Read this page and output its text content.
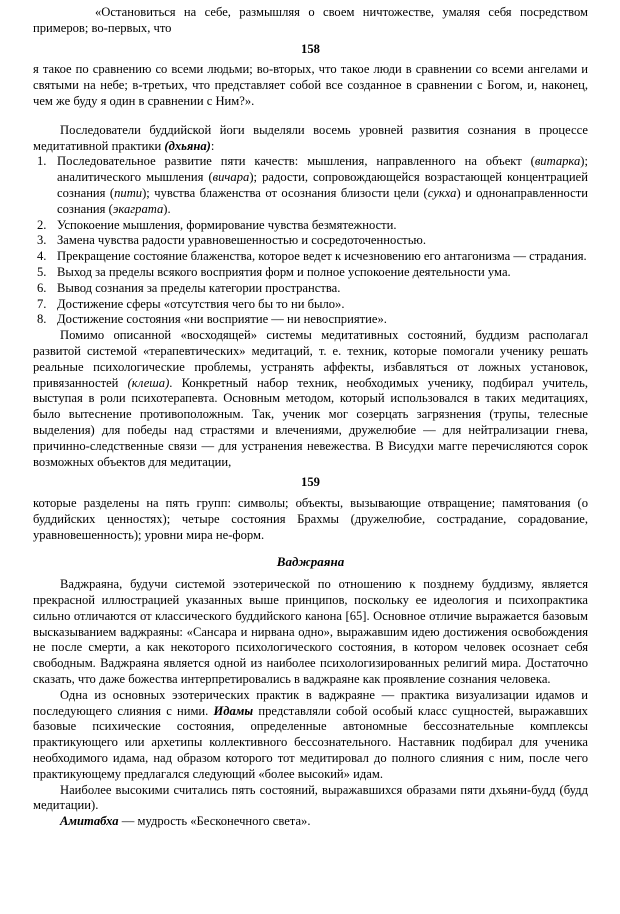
«Остановиться на себе, размышляя о своем ничтожестве, умаляя себя посредством примеров; во-первых, что

158

я такое по сравнению со всеми людьми; во-вторых, что такое люди в сравнении со всеми ангелами и святыми на небе; в-третьих, что представляет собой все созданное в сравнении с Богом, и, наконец, чем же буду я один в сравнении с Ним?».

Последователи буддийской йоги выделяли восемь уровней развития сознания в процессе медитативной практики (дхьяна):

1. Последовательное развитие пяти качеств: мышления, направленного на объект (витарка); аналитического мышления (вичара); радости, сопровождающейся возрастающей концентрацией сознания (пити); чувства блаженства от осознания близости цели (сукха) и однонаправленности сознания (экаграта).
2. Успокоение мышления, формирование чувства безмятежности.
3. Замена чувства радости уравновешенностью и сосредоточенностью.
4. Прекращение состояние блаженства, которое ведет к исчезновению его антагонизма — страдания.
5. Выход за пределы всякого восприятия форм и полное успокоение деятельности ума.
6. Вывод сознания за пределы категории пространства.
7. Достижение сферы «отсутствия чего бы то ни было».
8. Достижение состояния «ни восприятие — ни невосприятие».

Помимо описанной «восходящей» системы медитативных состояний, буддизм располагал развитой системой «терапевтических» медитаций, т. е. техник, которые помогали ученику решать реальные психологические проблемы, устранять аффекты, избавляться от ложных установок, привязанностей (клеша). Конкретный набор техник, необходимых ученику, подбирал учитель, выступая в роли психотерапевта. Основным методом, который использовался в таких медитациях, было вытеснение противоположным. Так, ученик мог созерцать загрязнения (трупы, телесные выделения) для победы над страстями и влечениями, дружелюбие — для нейтрализации гнева, причинно-следственные связи — для устранения невежества. В Висудхи магге перечисляются сорок возможных объектов для медитации,

159

которые разделены на пять групп: символы; объекты, вызывающие отвращение; памятования (о буддийских ценностях); четыре состояния Брахмы (дружелюбие, сострадание, сорадование, уравновешенность); уровни мира не-форм.

Ваджраяна

Ваджраяна, будучи системой эзотерической по отношению к позднему буддизму, является прекрасной иллюстрацией указанных выше принципов, поскольку ее идеология и психопрактика сильно отличаются от классического буддийского канона [65]. Основное отличие выражается базовым высказыванием ваджраяны: «Сансара и нирвана одно», выражавшим идею достижения освобождения не после смерти, а как некоторого психологического состояния, в котором человек осознает себя свободным. Ваджраяна является одной из наиболее психологизированных религий мира. Достаточно сказать, что даже божества интерпретировались в ваджраяне как проявление сознания человека.

Одна из основных эзотерических практик в ваджраяне — практика визуализации идамов и последующего слияния с ними. Идамы представляли собой особый класс сущностей, выражавших базовые психические состояния, определенные автономные бессознательные комплексы практикующего или архетипы коллективного бессознательного. Наставник подбирал для ученика необходимого идама, над образом которого тот медитировал до полного слияния с ним, после чего практикующему предлагался следующий «более высокий» идам.

Наиболее высокими считались пять состояний, выражавшихся образами пяти дхьяни-будд (будд медитации).

Амитабха — мудрость «Бесконечного света».
